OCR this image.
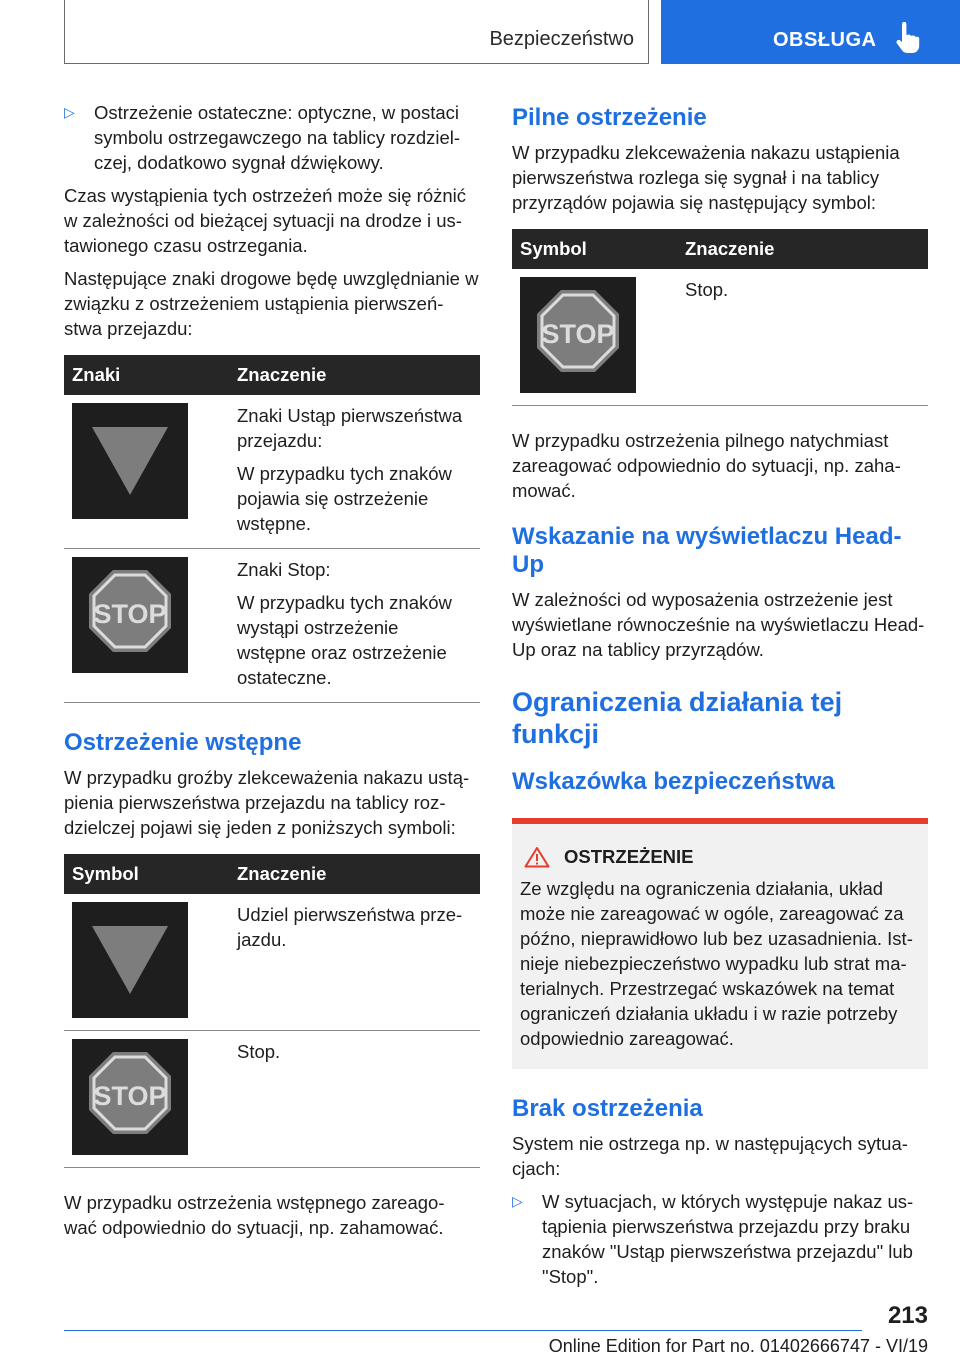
Bezpieczeństwo	OBSŁUGA
▷ Ostrzeżenie ostateczne: optyczne, w postaci symbolu ostrzegawczego na tablicy rozdziel‐ czej, dodatkowo sygnał dźwiękowy.

Czas wystąpienia tych ostrzeżeń może się różnić w zależności od bieżącej sytuacji na drodze i us‐ tawionego czasu ostrzegania.

Następujące znaki drogowe będę uwzględnianie w związku z ostrzeżeniem ustąpienia pierwszeń‐ stwa przejazdu:

Znaki	Znaczenie

Znaki Ustąp pierwszeństwa przejazdu:
W przypadku tych znaków pojawia się ostrzeżenie wstępne.

STOP	Znaki Stop:
W przypadku tych znaków wystąpi ostrzeżenie wstępne oraz ostrzeżenie ostateczne.
Ostrzeżenie wstępne

W przypadku groźby zlekceważenia nakazu ustą‐ pienia pierwszeństwa przejazdu na tablicy roz‐ dzielczej pojawi się jeden z poniższych symboli:

Symbol	Znaczenie

Udziel pierwszeństwa prze‐ jazdu.

STOP	Stop.

W przypadku ostrzeżenia wstępnego zareago‐ wać odpowiednio do sytuacji, np. zahamować.

Pilne ostrzeżenie

W przypadku zlekceważenia nakazu ustąpienia pierwszeństwa rozlega się sygnał i na tablicy przyrządów pojawia się następujący symbol:

Symbol	Znaczenie

STOP	Stop.

W przypadku ostrzeżenia pilnego natychmiast zareagować odpowiednio do sytuacji, np. zaha‐ mować.

Wskazanie na wyświetlaczu Head- Up

W zależności od wyposażenia ostrzeżenie jest wyświetlane równocześnie na wyświetlaczu Head-Up oraz na tablicy przyrządów.

Ograniczenia działania tej funkcji
Wskazówka bezpieczeństwa
OSTRZEŻENIE
Ze względu na ograniczenia działania, układ może nie zareagować w ogóle, zareagować za późno, nieprawidłowo lub bez uzasadnienia. Ist‐ nieje niebezpieczeństwo wypadku lub strat ma‐ terialnych. Przestrzegać wskazówek na temat ograniczeń działania układu i w razie potrzeby odpowiednio zareagować.
Brak ostrzeżenia

System nie ostrzega np. w następujących sytua‐ cjach:

▷ W sytuacjach, w których występuje nakaz us‐ tąpienia pierwszeństwa przejazdu przy braku znaków "Ustąp pierwszeństwa przejazdu" lub "Stop".
213
Online Edition for Part no. 01402666747 - VI/19
